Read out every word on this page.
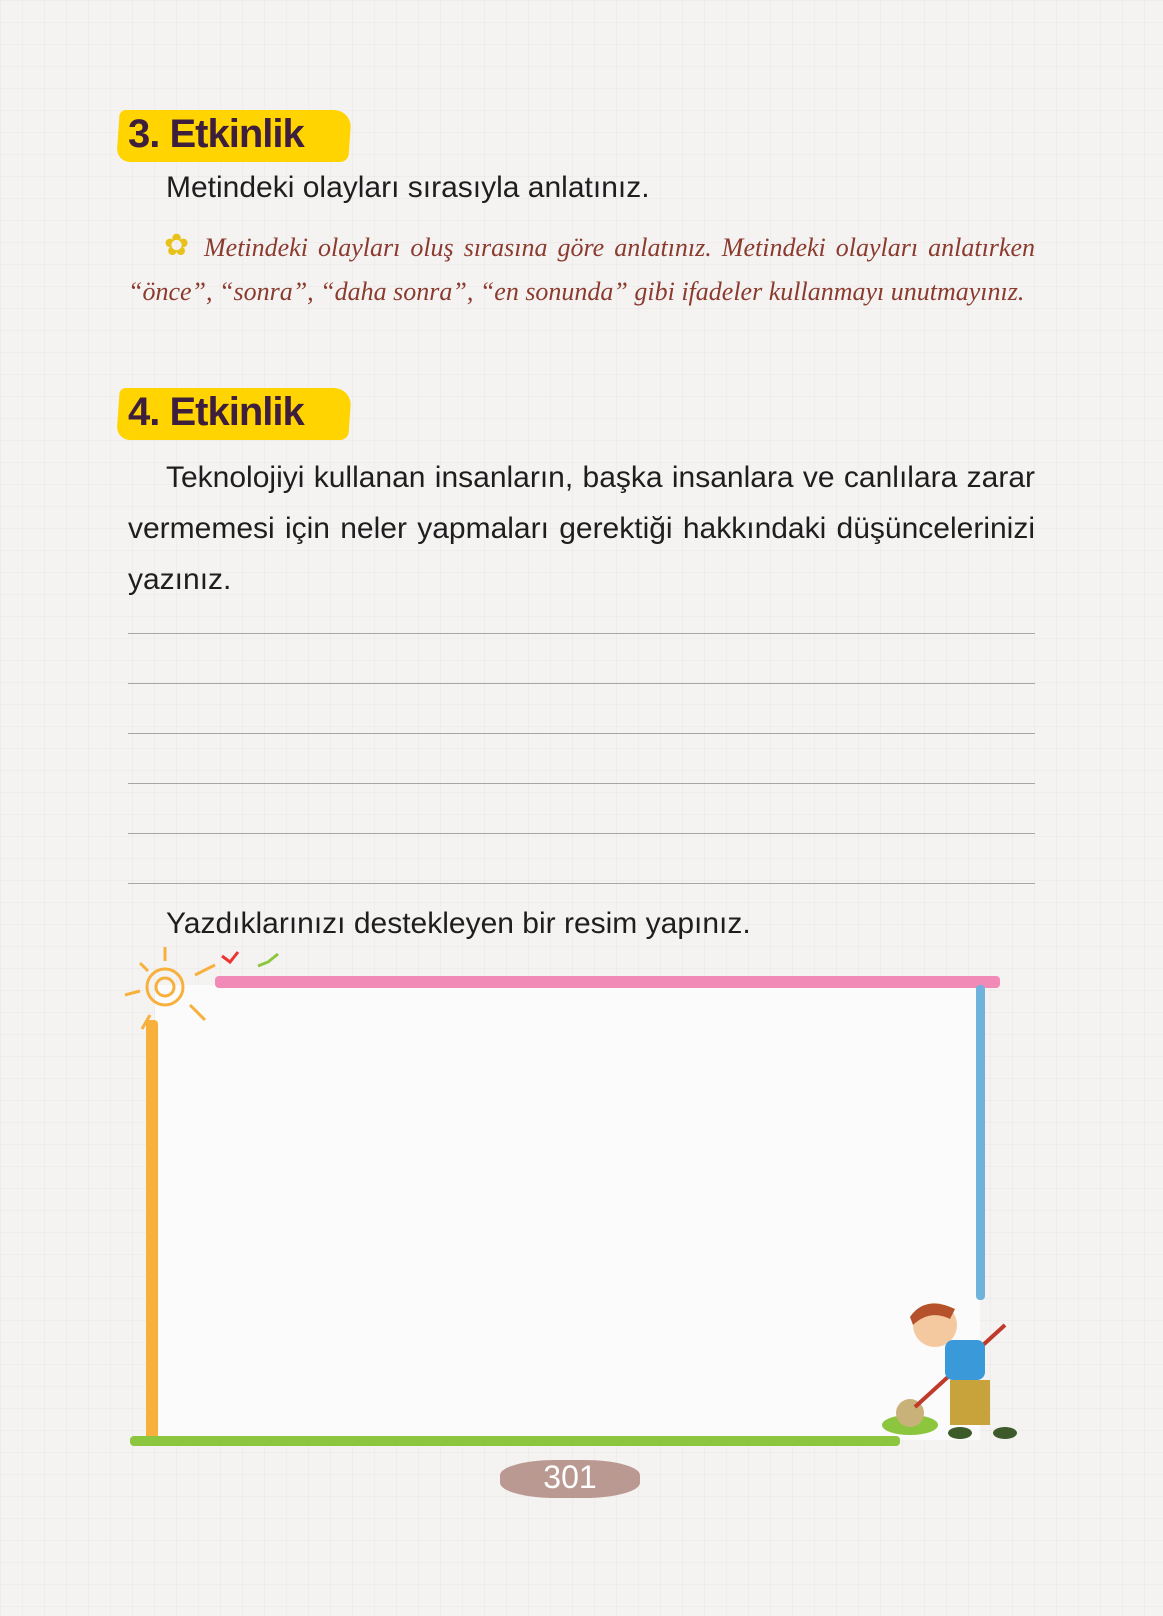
3. Etkinlik
Metindeki olayları sırasıyla anlatınız.
✿ Metindeki olayları oluş sırasına göre anlatınız. Metindeki olayları anlatırken “önce”, “sonra”, “daha sonra”, “en sonunda” gibi ifadeler kullanmayı unutmayınız.
4. Etkinlik
Teknolojiyi kullanan insanların, başka insanlara ve canlılara zarar vermemesi için neler yapmaları gerektiği hakkındaki düşüncelerinizi yazınız.
Yazdıklarınızı destekleyen bir resim yapınız.
301
